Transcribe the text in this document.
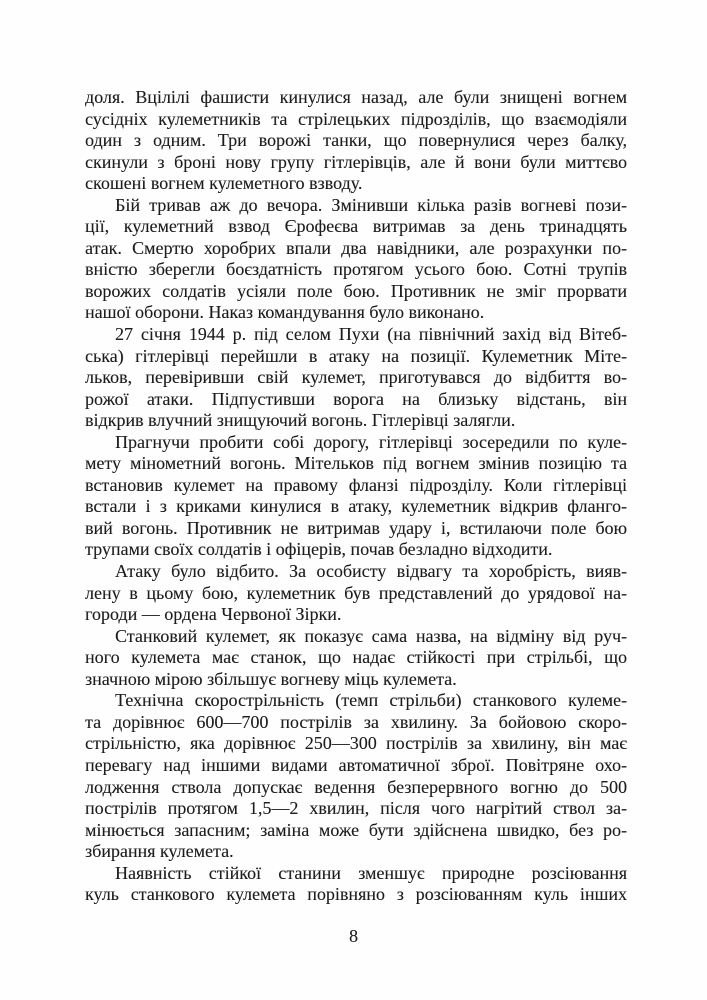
доля. Вцілілі фашисти кинулися назад, але були знищені вогнем
сусідніх кулеметників та стрілецьких підрозділів, що взаємодіяли
один з одним. Три ворожі танки, що повернулися через балку,
скинули з броні нову групу гітлерівців, але й вони були миттєво
скошені вогнем кулеметного взводу.
Бій тривав аж до вечора. Змінивши кілька разів вогневі пози-
ції, кулеметний взвод Єрофеєва витримав за день тринадцять
атак. Смертю хоробрих впали два навідники, але розрахунки по-
вністю зберегли боєздатність протягом усього бою. Сотні трупів
ворожих солдатів усіяли поле бою. Противник не зміг прорвати
нашої оборони. Наказ командування було виконано.
27 січня 1944 р. під селом Пухи (на північний захід від Вітеб-
ська) гітлерівці перейшли в атаку на позиції. Кулеметник Міте-
льков, перевіривши свій кулемет, приготувався до відбиття во-
рожої атаки. Підпустивши ворога на близьку відстань, він
відкрив влучний знищуючий вогонь. Гітлерівці залягли.
Прагнучи пробити собі дорогу, гітлерівці зосередили по куле-
мету мінометний вогонь. Мітельков під вогнем змінив позицію та
встановив кулемет на правому фланзі підрозділу. Коли гітлерівці
встали і з криками кинулися в атаку, кулеметник відкрив фланго-
вий вогонь. Противник не витримав удару і, встилаючи поле бою
трупами своїх солдатів і офіцерів, почав безладно відходити.
Атаку було відбито. За особисту відвагу та хоробрість, вияв-
лену в цьому бою, кулеметник був представлений до урядової на-
городи — ордена Червоної Зірки.
Станковий кулемет, як показує сама назва, на відміну від руч-
ного кулемета має станок, що надає стійкості при стрільбі, що
значною мірою збільшує вогневу міць кулемета.
Технічна скорострільність (темп стрільби) станкового кулеме-
та дорівнює 600—700 пострілів за хвилину. За бойовою скоро-
стрільністю, яка дорівнює 250—300 пострілів за хвилину, він має
перевагу над іншими видами автоматичної зброї. Повітряне охо-
лодження ствола допускає ведення безперервного вогню до 500
пострілів протягом 1,5—2 хвилин, після чого нагрітий ствол за-
мінюється запасним; заміна може бути здійснена швидко, без ро-
збирання кулемета.
Наявність стійкої станини зменшує природне розсіювання
куль станкового кулемета порівняно з розсіюванням куль інших
8
